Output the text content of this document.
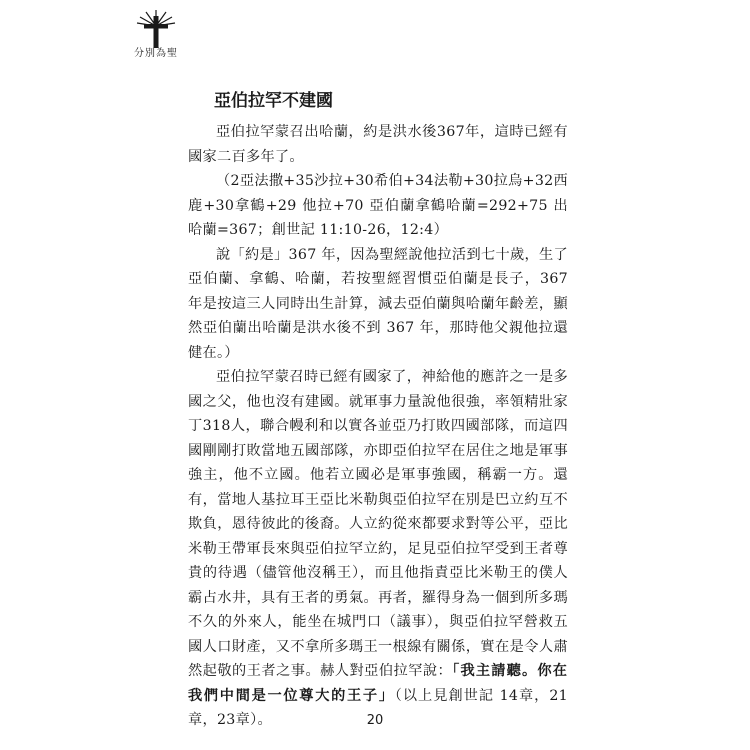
分別為聖
亞伯拉罕不建國

亞伯拉罕蒙召出哈蘭，約是洪水後367年，這時已經有國家二百多年了。

（2亞法撒+35沙拉+30希伯+34法勒+30拉烏+32西鹿+30拿鶴+29 他拉+70 亞伯蘭拿鶴哈蘭=292+75 出哈蘭=367；創世記 11:10-26，12:4）

說「約是」367 年，因為聖經說他拉活到七十歲，生了亞伯蘭、拿鶴、哈蘭，若按聖經習慣亞伯蘭是長子，367 年是按這三人同時出生計算，減去亞伯蘭與哈蘭年齡差，顯然亞伯蘭出哈蘭是洪水後不到 367 年，那時他父親他拉還健在。）

亞伯拉罕蒙召時已經有國家了，神給他的應許之一是多國之父，他也沒有建國。就軍事力量說他很強，率領精壯家丁318人，聯合幔利和以實各並亞乃打敗四國部隊，而這四國剛剛打敗當地五國部隊，亦即亞伯拉罕在居住之地是軍事強主，他不立國。他若立國必是軍事強國，稱霸一方。還有，當地人基拉耳王亞比米勒與亞伯拉罕在別是巴立約互不欺負，恩待彼此的後裔。人立約從來都要求對等公平，亞比米勒王帶軍長來與亞伯拉罕立約，足見亞伯拉罕受到王者尊貴的待遇（儘管他沒稱王），而且他指責亞比米勒王的僕人霸占水井，具有王者的勇氣。再者，羅得身為一個到所多瑪不久的外來人，能坐在城門口（議事），與亞伯拉罕營救五國人口財產，又不拿所多瑪王一根線有關係，實在是令人肅然起敬的王者之事。赫人對亞伯拉罕說：「我主請聽。你在我們中間是一位尊大的王子」（以上見創世記 14章，21章，23章）。	20
